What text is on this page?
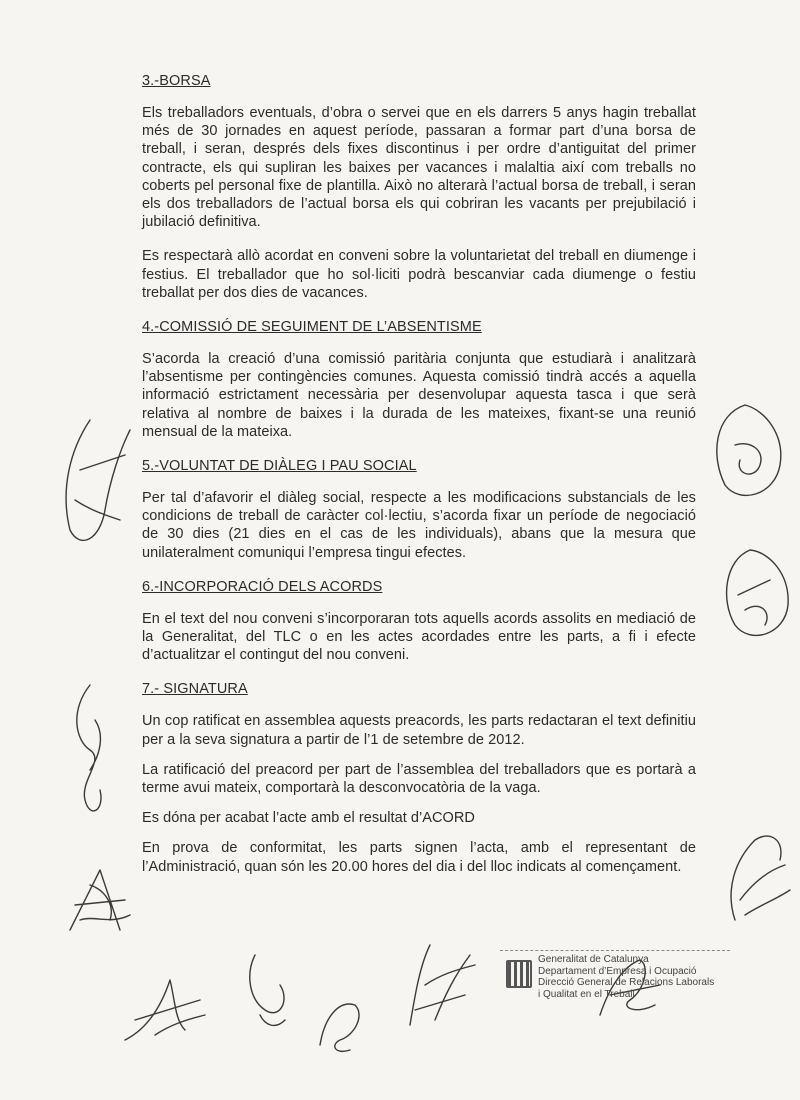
3.-BORSA

Els treballadors eventuals, d’obra o servei que en els darrers 5 anys hagin treballat més de 30 jornades en aquest període, passaran a formar part d’una borsa de treball, i seran, després dels fixes discontinus i per ordre d’antiguitat del primer contracte, els qui supliran les baixes per vacances i malaltia així com treballs no coberts pel personal fixe de plantilla. Això no alterarà l’actual borsa de treball, i seran els dos treballadors de l’actual borsa els qui cobriran les vacants per prejubilació i jubilació definitiva.

Es respectarà allò acordat en conveni sobre la voluntarietat del treball en diumenge i festius. El treballador que ho sol·liciti podrà bescanviar cada diumenge o festiu treballat per dos dies de vacances.

4.-COMISSIÓ DE SEGUIMENT DE L’ABSENTISME

S’acorda la creació d’una comissió paritària conjunta que estudiarà i analitzarà l’absentisme per contingències comunes. Aquesta comissió tindrà accés a aquella informació estrictament necessària per desenvolupar aquesta tasca i que serà relativa al nombre de baixes i la durada de les mateixes, fixant-se una reunió mensual de la mateixa.

5.-VOLUNTAT DE DIÀLEG I PAU SOCIAL

Per tal d’afavorir el diàleg social, respecte a les modificacions substancials de les condicions de treball de caràcter col·lectiu, s’acorda fixar un període de negociació de 30 dies (21 dies en el cas de les individuals), abans que la mesura que unilateralment comuniqui l’empresa tingui efectes.

6.-INCORPORACIÓ DELS ACORDS

En el text del nou conveni s’incorporaran tots aquells acords assolits en mediació de la Generalitat, del TLC o en les actes acordades entre les parts, a fi i efecte d’actualitzar el contingut del nou conveni.

7.- SIGNATURA

Un cop ratificat en assemblea aquests preacords, les parts redactaran el text definitiu per a la seva signatura a partir de l’1 de setembre de 2012.

La ratificació del preacord per part de l’assemblea del treballadors que es portarà a terme avui mateix, comportarà la desconvocatòria de la vaga.

Es dóna per acabat l’acte amb el resultat d’ACORD

En prova de conformitat, les parts signen l’acta, amb el representant de l’Administració, quan són les 20.00 hores del dia i del lloc indicats al començament.

Generalitat de Catalunya
Departament d’Empresa i Ocupació
Direcció General de Relacions Laborals
i Qualitat en el Treball
